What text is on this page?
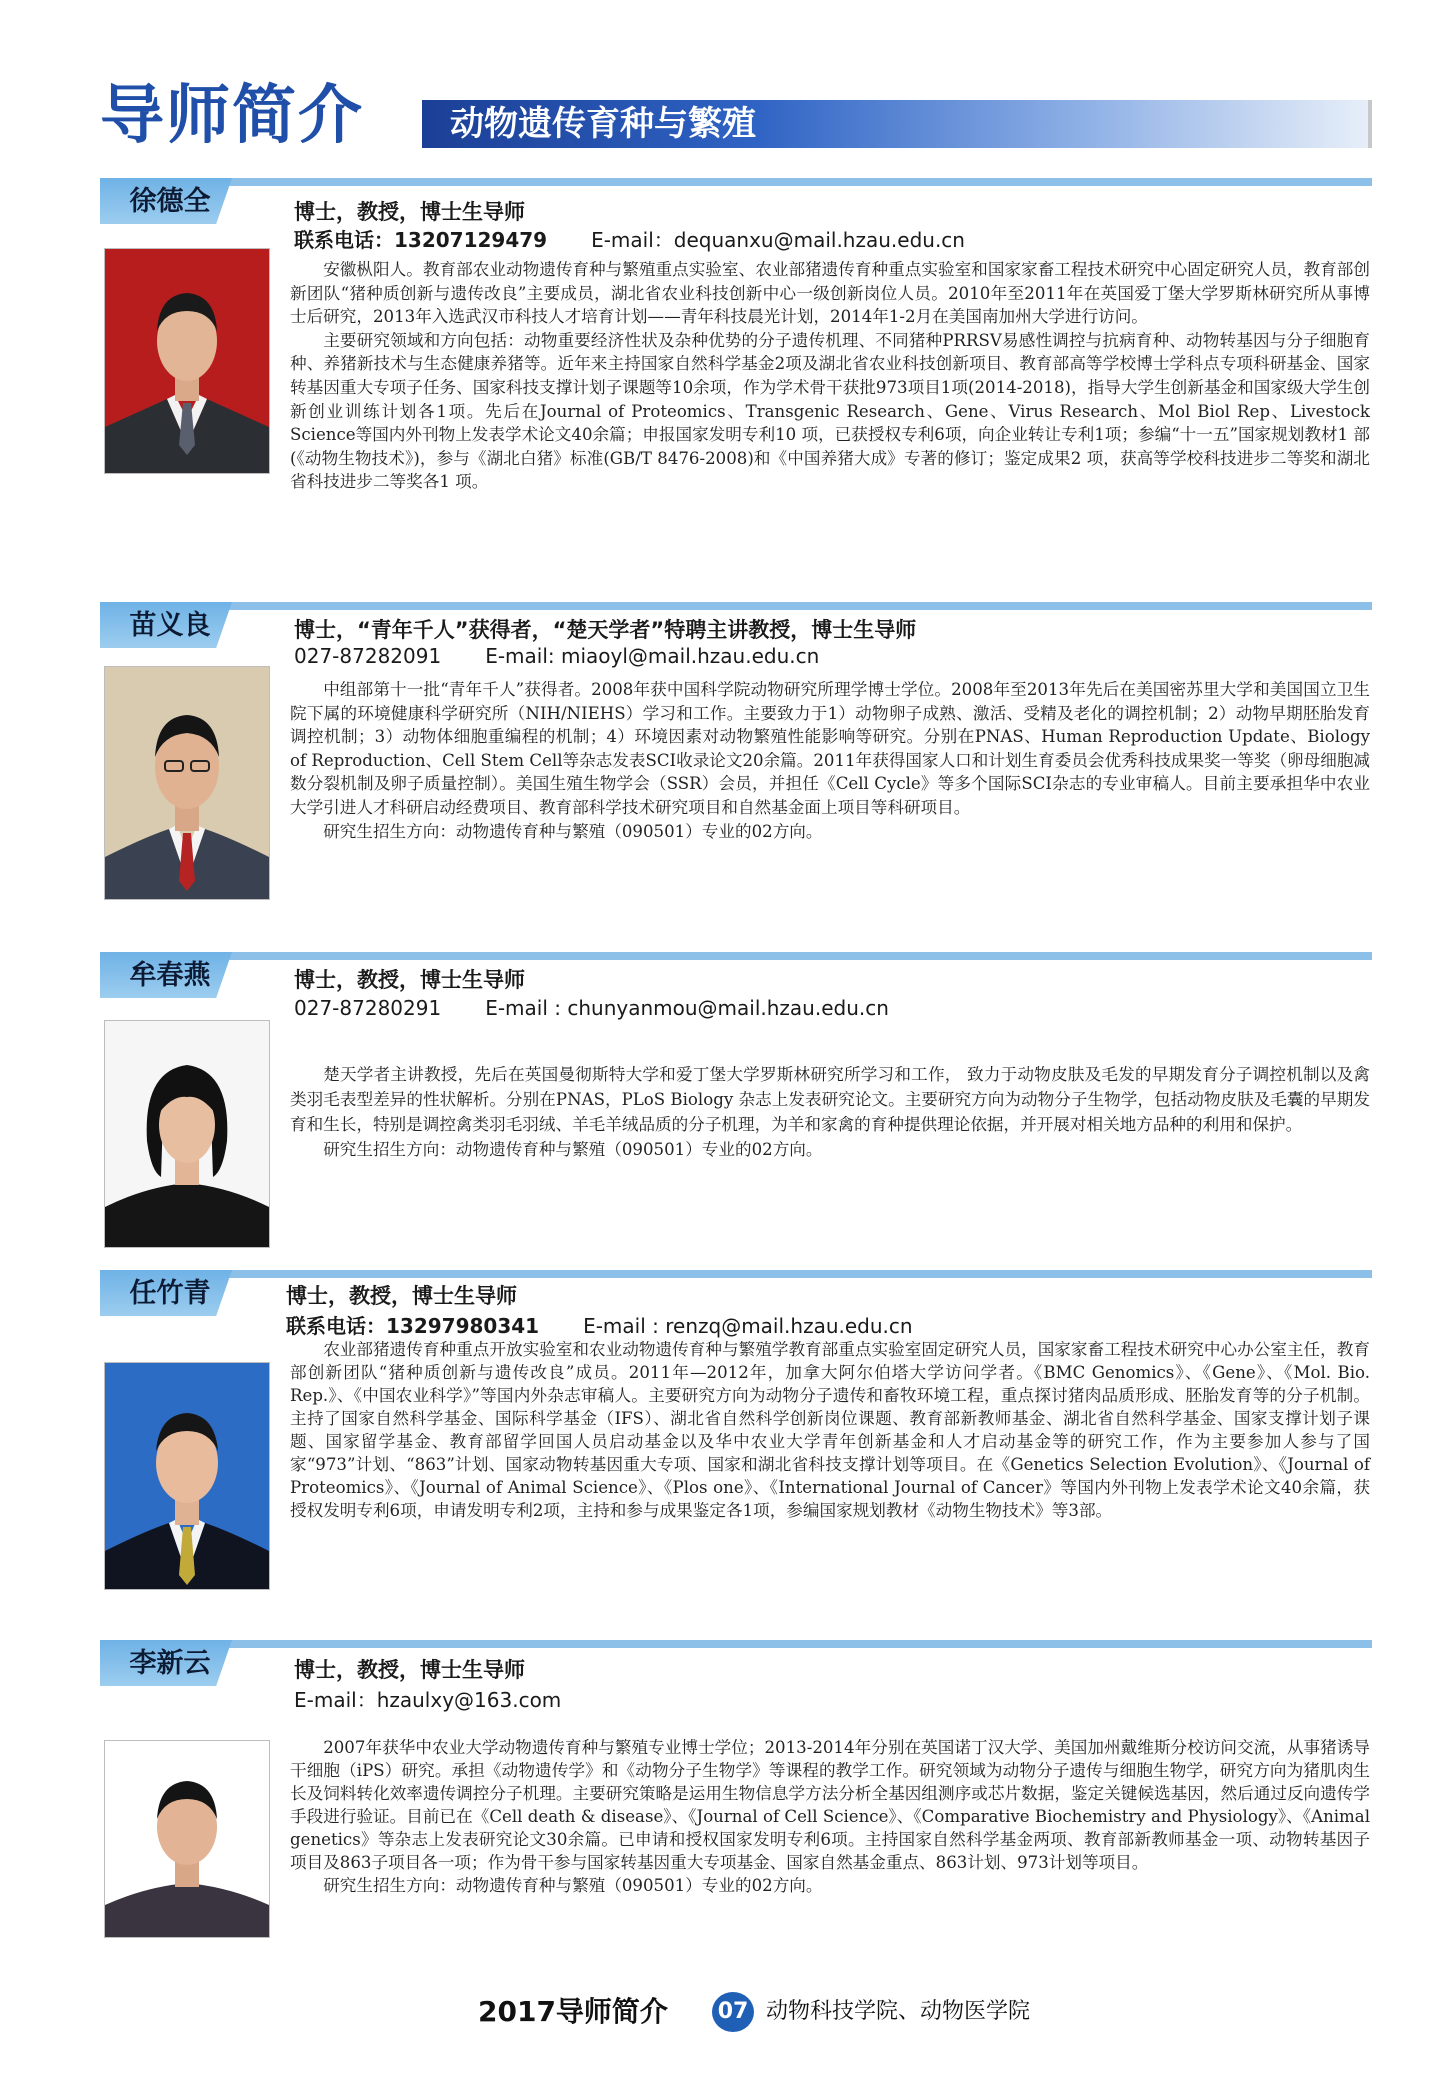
导师简介	动物遗传育种与繁殖
徐德全	博士，教授，博士生导师
联系电话：13207129479 E-mail：dequanxu@mail.hzau.edu.cn

安徽枞阳人。教育部农业动物遗传育种与繁殖重点实验室、农业部猪遗传育种重点实验室和国家家畜工程技术研究中心固定研究人员，教育部创新团队“猪种质创新与遗传改良”主要成员，湖北省农业科技创新中心一级创新岗位人员。2010年至2011年在英国爱丁堡大学罗斯林研究所从事博士后研究，2013年入选武汉市科技人才培育计划——青年科技晨光计划，2014年1-2月在美国南加州大学进行访问。

主要研究领域和方向包括：动物重要经济性状及杂种优势的分子遗传机理、不同猪种PRRSV易感性调控与抗病育种、动物转基因与分子细胞育种、养猪新技术与生态健康养猪等。近年来主持国家自然科学基金2项及湖北省农业科技创新项目、教育部高等学校博士学科点专项科研基金、国家转基因重大专项子任务、国家科技支撑计划子课题等10余项，作为学术骨干获批973项目1项(2014-2018)，指导大学生创新基金和国家级大学生创新创业训练计划各1项。先后在Journal of Proteomics、Transgenic Research、Gene、Virus Research、Mol Biol Rep、Livestock Science等国内外刊物上发表学术论文40余篇；申报国家发明专利10 项，已获授权专利6项，向企业转让专利1项；参编“十一五”国家规划教材1 部(《动物生物技术》)，参与《湖北白猪》标准(GB/T 8476-2008)和《中国养猪大成》专著的修订；鉴定成果2 项，获高等学校科技进步二等奖和湖北省科技进步二等奖各1 项。

苗义良	博士，“青年千人”获得者，“楚天学者”特聘主讲教授，博士生导师
027-87282091 E-mail: miaoyl@mail.hzau.edu.cn

中组部第十一批“青年千人”获得者。2008年获中国科学院动物研究所理学博士学位。2008年至2013年先后在美国密苏里大学和美国国立卫生院下属的环境健康科学研究所（NIH/NIEHS）学习和工作。主要致力于1）动物卵子成熟、激活、受精及老化的调控机制；2）动物早期胚胎发育调控机制；3）动物体细胞重编程的机制；4）环境因素对动物繁殖性能影响等研究。分别在PNAS、Human Reproduction Update、Biology of Reproduction、Cell Stem Cell等杂志发表SCI收录论文20余篇。2011年获得国家人口和计划生育委员会优秀科技成果奖一等奖（卵母细胞减数分裂机制及卵子质量控制）。美国生殖生物学会（SSR）会员，并担任《Cell Cycle》等多个国际SCI杂志的专业审稿人。目前主要承担华中农业大学引进人才科研启动经费项目、教育部科学技术研究项目和自然基金面上项目等科研项目。

研究生招生方向：动物遗传育种与繁殖（090501）专业的02方向。

牟春燕	博士，教授，博士生导师
027-87280291 E-mail : chunyanmou@mail.hzau.edu.cn

楚天学者主讲教授，先后在英国曼彻斯特大学和爱丁堡大学罗斯林研究所学习和工作， 致力于动物皮肤及毛发的早期发育分子调控机制以及禽类羽毛表型差异的性状解析。分别在PNAS，PLoS Biology 杂志上发表研究论文。主要研究方向为动物分子生物学，包括动物皮肤及毛囊的早期发育和生长，特别是调控禽类羽毛羽绒、羊毛羊绒品质的分子机理，为羊和家禽的育种提供理论依据，并开展对相关地方品种的利用和保护。

研究生招生方向：动物遗传育种与繁殖（090501）专业的02方向。

任竹青	博士，教授，博士生导师
联系电话：13297980341 E-mail : renzq@mail.hzau.edu.cn

农业部猪遗传育种重点开放实验室和农业动物遗传育种与繁殖学教育部重点实验室固定研究人员，国家家畜工程技术研究中心办公室主任，教育部创新团队“猪种质创新与遗传改良”成员。2011年—2012年，加拿大阿尔伯塔大学访问学者。《BMC Genomics》、《Gene》、《Mol. Bio. Rep.》、《中国农业科学》”等国内外杂志审稿人。主要研究方向为动物分子遗传和畜牧环境工程，重点探讨猪肉品质形成、胚胎发育等的分子机制。主持了国家自然科学基金、国际科学基金（IFS）、湖北省自然科学创新岗位课题、教育部新教师基金、湖北省自然科学基金、国家支撑计划子课题、国家留学基金、教育部留学回国人员启动基金以及华中农业大学青年创新基金和人才启动基金等的研究工作，作为主要参加人参与了国家“973”计划、“863”计划、国家动物转基因重大专项、国家和湖北省科技支撑计划等项目。在《Genetics Selection Evolution》、《Journal of Proteomics》、《Journal of Animal Science》、《Plos one》、《International Journal of Cancer》等国内外刊物上发表学术论文40余篇，获授权发明专利6项，申请发明专利2项，主持和参与成果鉴定各1项，参编国家规划教材《动物生物技术》等3部。

李新云	博士，教授，博士生导师
E-mail：hzaulxy@163.com

2007年获华中农业大学动物遗传育种与繁殖专业博士学位；2013-2014年分别在英国诺丁汉大学、美国加州戴维斯分校访问交流，从事猪诱导干细胞（iPS）研究。承担《动物遗传学》和《动物分子生物学》等课程的教学工作。研究领域为动物分子遗传与细胞生物学，研究方向为猪肌肉生长及饲料转化效率遗传调控分子机理。主要研究策略是运用生物信息学方法分析全基因组测序或芯片数据，鉴定关键候选基因，然后通过反向遗传学手段进行验证。目前已在《Cell death & disease》、《Journal of Cell Science》、《Comparative Biochemistry and Physiology》、《Animal genetics》等杂志上发表研究论文30余篇。已申请和授权国家发明专利6项。主持国家自然科学基金两项、教育部新教师基金一项、动物转基因子项目及863子项目各一项；作为骨干参与国家转基因重大专项基金、国家自然基金重点、863计划、973计划等项目。

研究生招生方向：动物遗传育种与繁殖（090501）专业的02方向。

2017导师简介 07 动物科技学院、动物医学院
